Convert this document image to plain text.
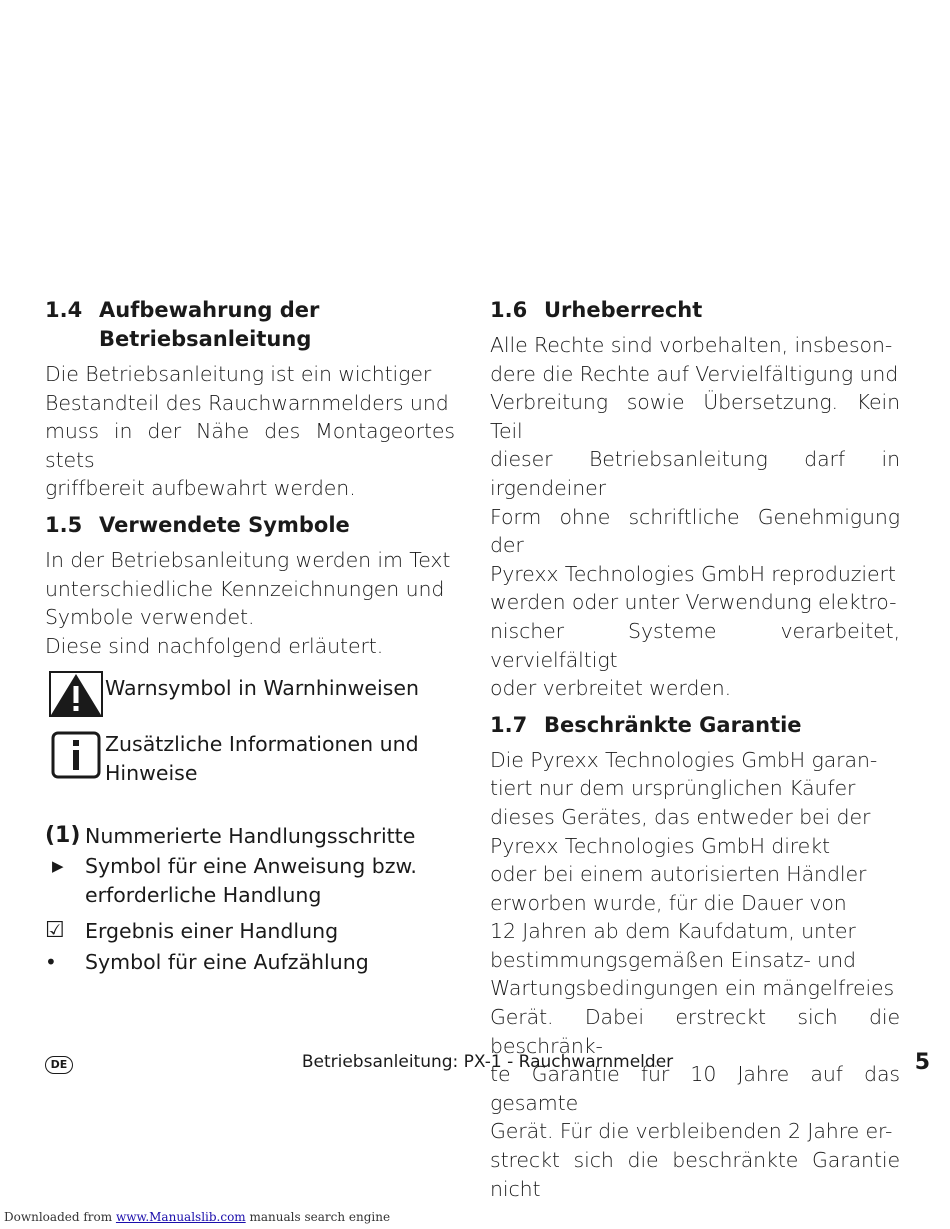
1.4 Aufbewahrung der
Betriebsanleitung
Die Betriebsanleitung ist ein wichtiger
Bestandteil des Rauchwarnmelders und
muss in der Nähe des Montageortes stets
griffbereit aufbewahrt werden.
1.5 Verwendete Symbole
In der Betriebsanleitung werden im Text
unterschiedliche Kennzeichnungen und
Symbole verwendet.
Diese sind nachfolgend erläutert.
Warnsymbol in Warnhinweisen
Zusätzliche Informationen und
Hinweise
(1) Nummerierte Handlungsschritte
▶	Symbol für eine Anweisung bzw.
erforderliche Handlung
☑ Ergebnis einer Handlung
•	Symbol für eine Aufzählung
1.6 Urheberrecht
Alle Rechte sind vorbehalten, insbeson-
dere die Rechte auf Vervielfältigung und
Verbreitung sowie Übersetzung. Kein Teil
dieser Betriebsanleitung darf in irgendeiner
Form ohne schriftliche Genehmigung der
Pyrexx Technologies GmbH reproduziert
werden oder unter Verwendung elektro-
nischer Systeme verarbeitet, vervielfältigt
oder verbreitet werden.
1.7 Beschränkte Garantie
Die Pyrexx Technologies GmbH garan-
tiert nur dem ursprünglichen Käufer
dieses Gerätes, das entweder bei der
Pyrexx Technologies GmbH direkt
oder bei einem autorisierten Händler
erworben wurde, für die Dauer von
12 Jahren ab dem Kaufdatum, unter
bestimmungsgemäßen Einsatz- und
Wartungsbedingungen ein mängelfreies
Gerät. Dabei erstreckt sich die beschränk-
te Garantie für 10 Jahre auf das gesamte
Gerät. Für die verbleibenden 2 Jahre er-
streckt sich die beschränkte Garantie nicht
DE	Betriebsanleitung: PX-1 - Rauchwarnmelder	5
Downloaded from www.Manualslib.com manuals search engine
